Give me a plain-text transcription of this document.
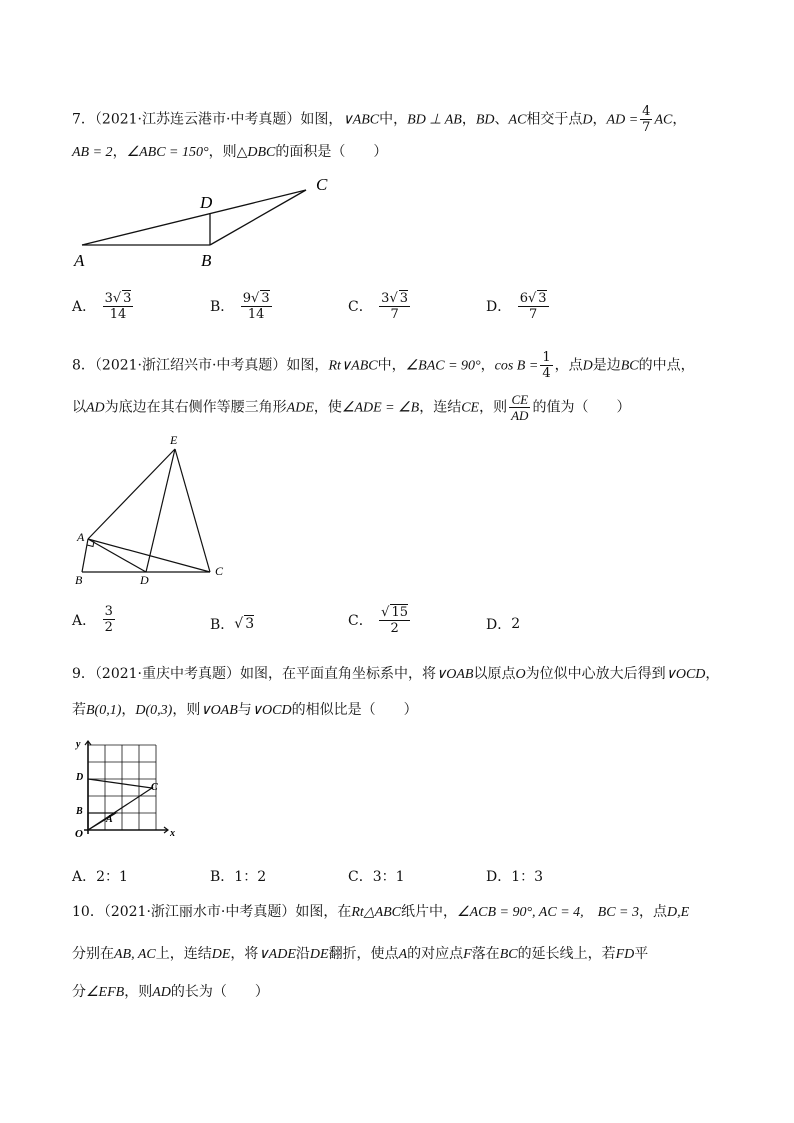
7．（2021·江苏连云港市·中考真题）如图，∨ABC中，BD ⊥ AB，BD、AC相交于点D，AD = $\frac{4}{7}$ AC，
AB = 2，∠ABC = 150°，则△DBC的面积是（　　）
A	B
C
D
A． $\frac{3√ 3}{14}$	B． $\frac{9√ 3}{14}$	C． $\frac{3√ 3}{7}$	D． $\frac{6√ 3}{7}$
8．（2021·浙江绍兴市·中考真题）如图，Rt∨ABC中，∠BAC = 90°，$\cos B = \frac{1}{4}$ ，点D是边BC的中点，
以AD为底边在其右侧作等腰三角形ADE，使∠ADE = ∠B，连结CE，则 $\frac{CE}{AD}$ 的值为（　　）
A
B
C
D
E
A． $\frac{3}{2}$	B．√ 3	C． $\frac{√ 15}{2}$	D．2
9．（2021·重庆中考真题）如图，在平面直角坐标系中，将∨OAB以原点O为位似中心放大后得到∨OCD，
若B(0,1)，D(0,3)，则∨OAB与∨OCD的相似比是（　　）
y
x
O
A
B
C
D
A．2：1	B．1：2	C．3：1	D．1：3
10．（2021·浙江丽水市·中考真题）如图，在Rt△ABC纸片中，∠ACB = 90°, AC = 4,　BC = 3，点D,E
分别在AB, AC上，连结DE，将∨ADE沿DE翻折，使点A的对应点F落在BC的延长线上，若FD平
分∠EFB，则AD的长为（　　）
